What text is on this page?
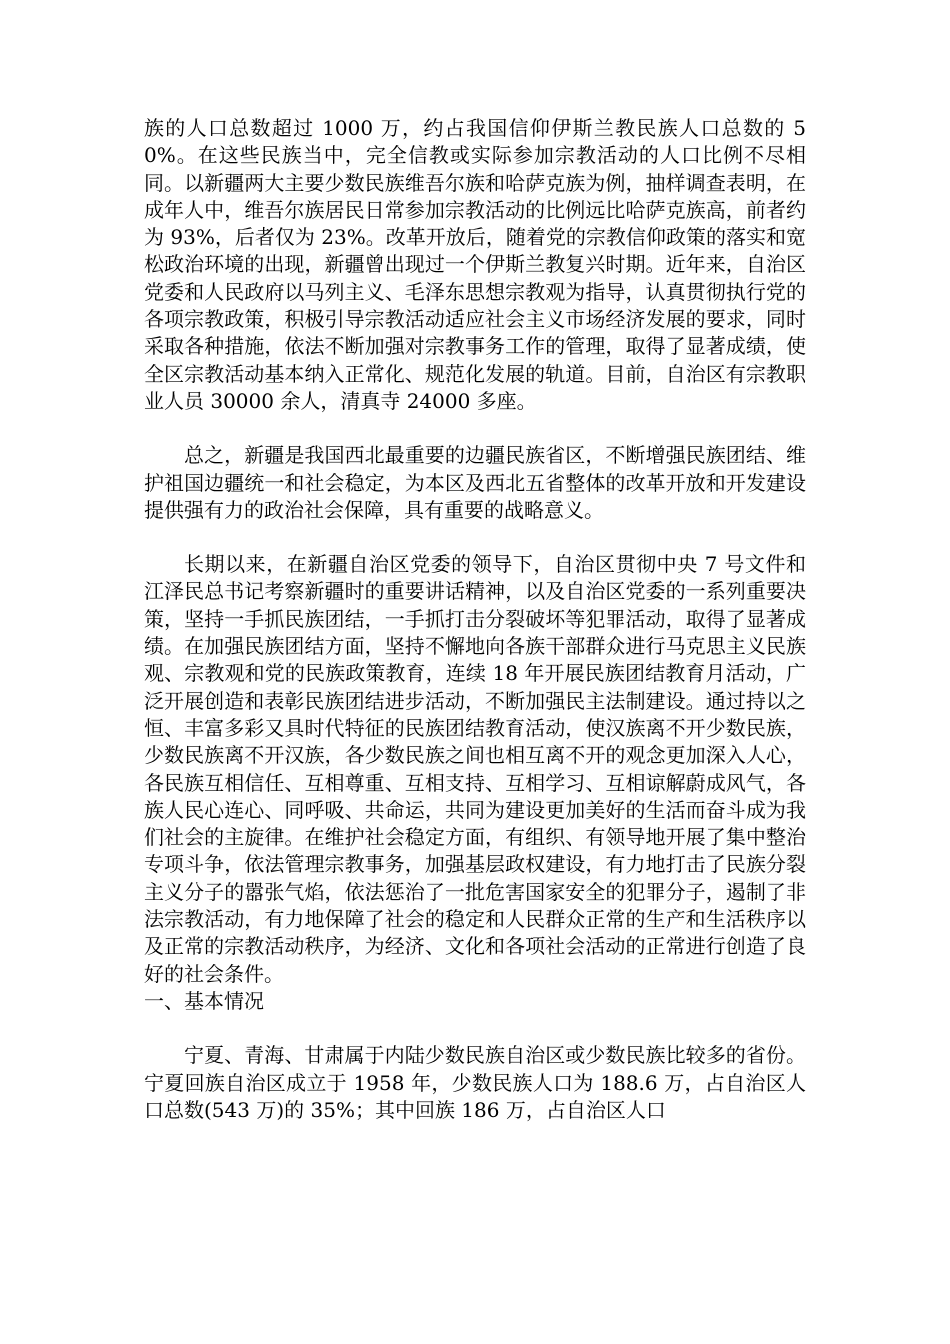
族的人口总数超过 1000 万，约占我国信仰伊斯兰教民族人口总数的 50%。在这些民族当中，完全信教或实际参加宗教活动的人口比例不尽相同。以新疆两大主要少数民族维吾尔族和哈萨克族为例，抽样调查表明，在成年人中，维吾尔族居民日常参加宗教活动的比例远比哈萨克族高，前者约为 93%，后者仅为 23%。改革开放后，随着党的宗教信仰政策的落实和宽松政治环境的出现，新疆曾出现过一个伊斯兰教复兴时期。近年来，自治区党委和人民政府以马列主义、毛泽东思想宗教观为指导，认真贯彻执行党的各项宗教政策，积极引导宗教活动适应社会主义市场经济发展的要求，同时采取各种措施，依法不断加强对宗教事务工作的管理，取得了显著成绩，使全区宗教活动基本纳入正常化、规范化发展的轨道。目前，自治区有宗教职业人员 30000 余人，清真寺 24000 多座。

总之，新疆是我国西北最重要的边疆民族省区，不断增强民族团结、维护祖国边疆统一和社会稳定，为本区及西北五省整体的改革开放和开发建设提供强有力的政治社会保障，具有重要的战略意义。

长期以来，在新疆自治区党委的领导下，自治区贯彻中央 7 号文件和江泽民总书记考察新疆时的重要讲话精神，以及自治区党委的一系列重要决策，坚持一手抓民族团结，一手抓打击分裂破坏等犯罪活动，取得了显著成绩。在加强民族团结方面，坚持不懈地向各族干部群众进行马克思主义民族观、宗教观和党的民族政策教育，连续 18 年开展民族团结教育月活动，广泛开展创造和表彰民族团结进步活动，不断加强民主法制建设。通过持以之恒、丰富多彩又具时代特征的民族团结教育活动，使汉族离不开少数民族，少数民族离不开汉族，各少数民族之间也相互离不开的观念更加深入人心，各民族互相信任、互相尊重、互相支持、互相学习、互相谅解蔚成风气，各族人民心连心、同呼吸、共命运，共同为建设更加美好的生活而奋斗成为我们社会的主旋律。在维护社会稳定方面，有组织、有领导地开展了集中整治专项斗争，依法管理宗教事务，加强基层政权建设，有力地打击了民族分裂主义分子的嚣张气焰，依法惩治了一批危害国家安全的犯罪分子，遏制了非法宗教活动，有力地保障了社会的稳定和人民群众正常的生产和生活秩序以及正常的宗教活动秩序，为经济、文化和各项社会活动的正常进行创造了良好的社会条件。

一、基本情况

宁夏、青海、甘肃属于内陆少数民族自治区或少数民族比较多的省份。宁夏回族自治区成立于 1958 年，少数民族人口为 188.6 万，占自治区人口总数(543 万)的 35%；其中回族 186 万，占自治区人口
